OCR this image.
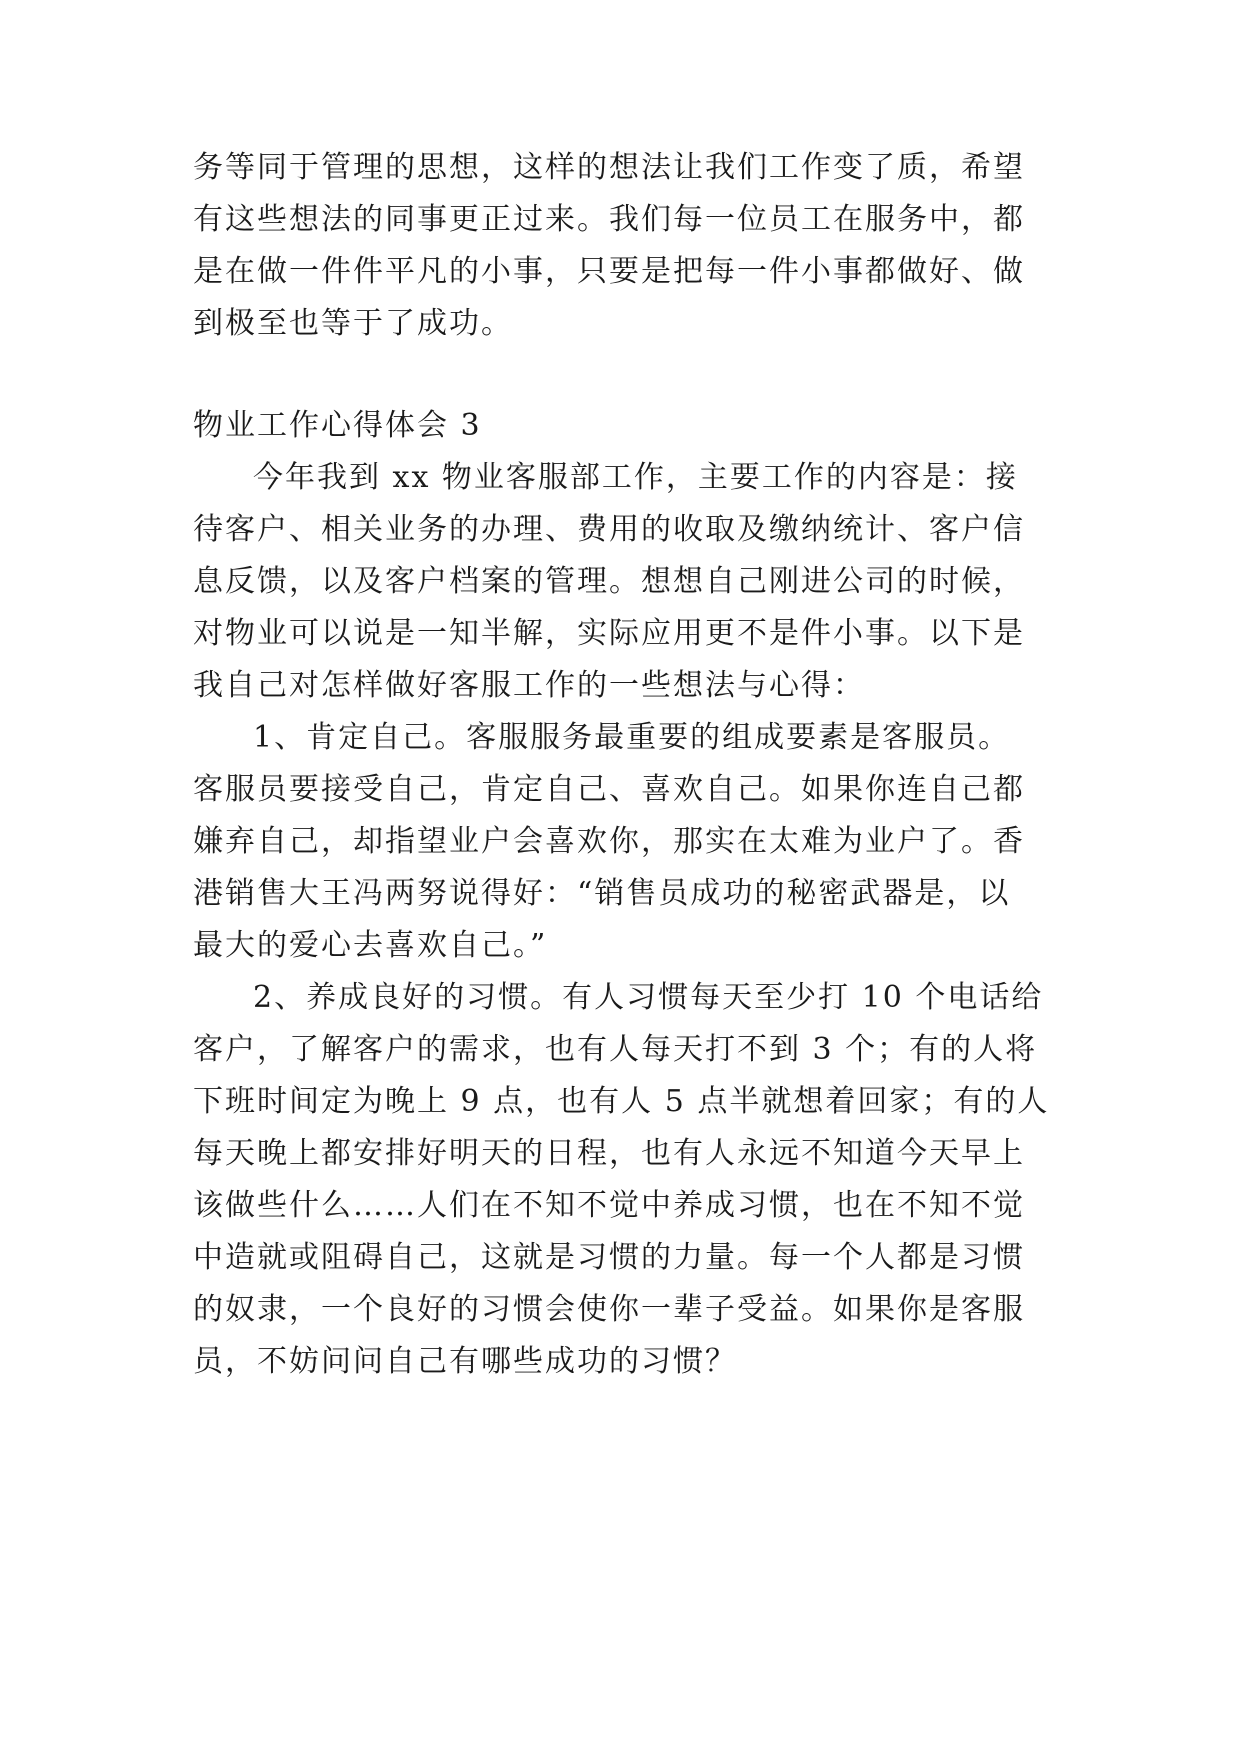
务等同于管理的思想，这样的想法让我们工作变了质，希望
有这些想法的同事更正过来。我们每一位员工在服务中，都
是在做一件件平凡的小事，只要是把每一件小事都做好、做
到极至也等于了成功。
物业工作心得体会 3
今年我到 xx 物业客服部工作，主要工作的内容是：接
待客户、相关业务的办理、费用的收取及缴纳统计、客户信
息反馈，以及客户档案的管理。想想自己刚进公司的时候，
对物业可以说是一知半解，实际应用更不是件小事。以下是
我自己对怎样做好客服工作的一些想法与心得：
1、肯定自己。客服服务最重要的组成要素是客服员。
客服员要接受自己，肯定自己、喜欢自己。如果你连自己都
嫌弃自己，却指望业户会喜欢你，那实在太难为业户了。香
港销售大王冯两努说得好：“销售员成功的秘密武器是，以
最大的爱心去喜欢自己。”
2、养成良好的习惯。有人习惯每天至少打 10 个电话给
客户，了解客户的需求，也有人每天打不到 3 个；有的人将
下班时间定为晚上 9 点，也有人 5 点半就想着回家；有的人
每天晚上都安排好明天的日程，也有人永远不知道今天早上
该做些什么……人们在不知不觉中养成习惯，也在不知不觉
中造就或阻碍自己，这就是习惯的力量。每一个人都是习惯
的奴隶，一个良好的习惯会使你一辈子受益。如果你是客服
员，不妨问问自己有哪些成功的习惯？
